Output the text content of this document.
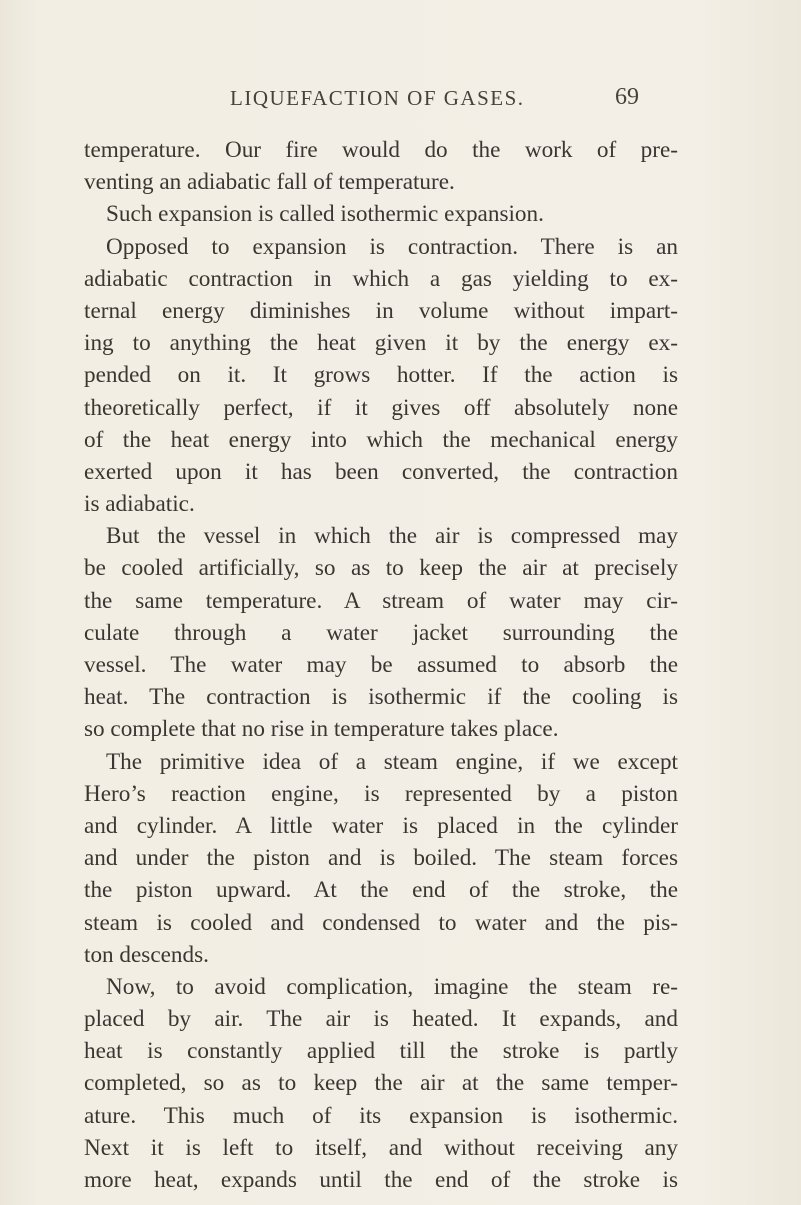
LIQUEFACTION OF GASES.	69
temperature. Our fire would do the work of pre-
venting an adiabatic fall of temperature.
Such expansion is called isothermic expansion.
Opposed to expansion is contraction. There is an
adiabatic contraction in which a gas yielding to ex-
ternal energy diminishes in volume without impart-
ing to anything the heat given it by the energy ex-
pended on it. It grows hotter. If the action is
theoretically perfect, if it gives off absolutely none
of the heat energy into which the mechanical energy
exerted upon it has been converted, the contraction
is adiabatic.
But the vessel in which the air is compressed may
be cooled artificially, so as to keep the air at precisely
the same temperature. A stream of water may cir-
culate through a water jacket surrounding the
vessel. The water may be assumed to absorb the
heat. The contraction is isothermic if the cooling is
so complete that no rise in temperature takes place.
The primitive idea of a steam engine, if we except
Hero’s reaction engine, is represented by a piston
and cylinder. A little water is placed in the cylinder
and under the piston and is boiled. The steam forces
the piston upward. At the end of the stroke, the
steam is cooled and condensed to water and the pis-
ton descends.
Now, to avoid complication, imagine the steam re-
placed by air. The air is heated. It expands, and
heat is constantly applied till the stroke is partly
completed, so as to keep the air at the same temper-
ature. This much of its expansion is isothermic.
Next it is left to itself, and without receiving any
more heat, expands until the end of the stroke is
